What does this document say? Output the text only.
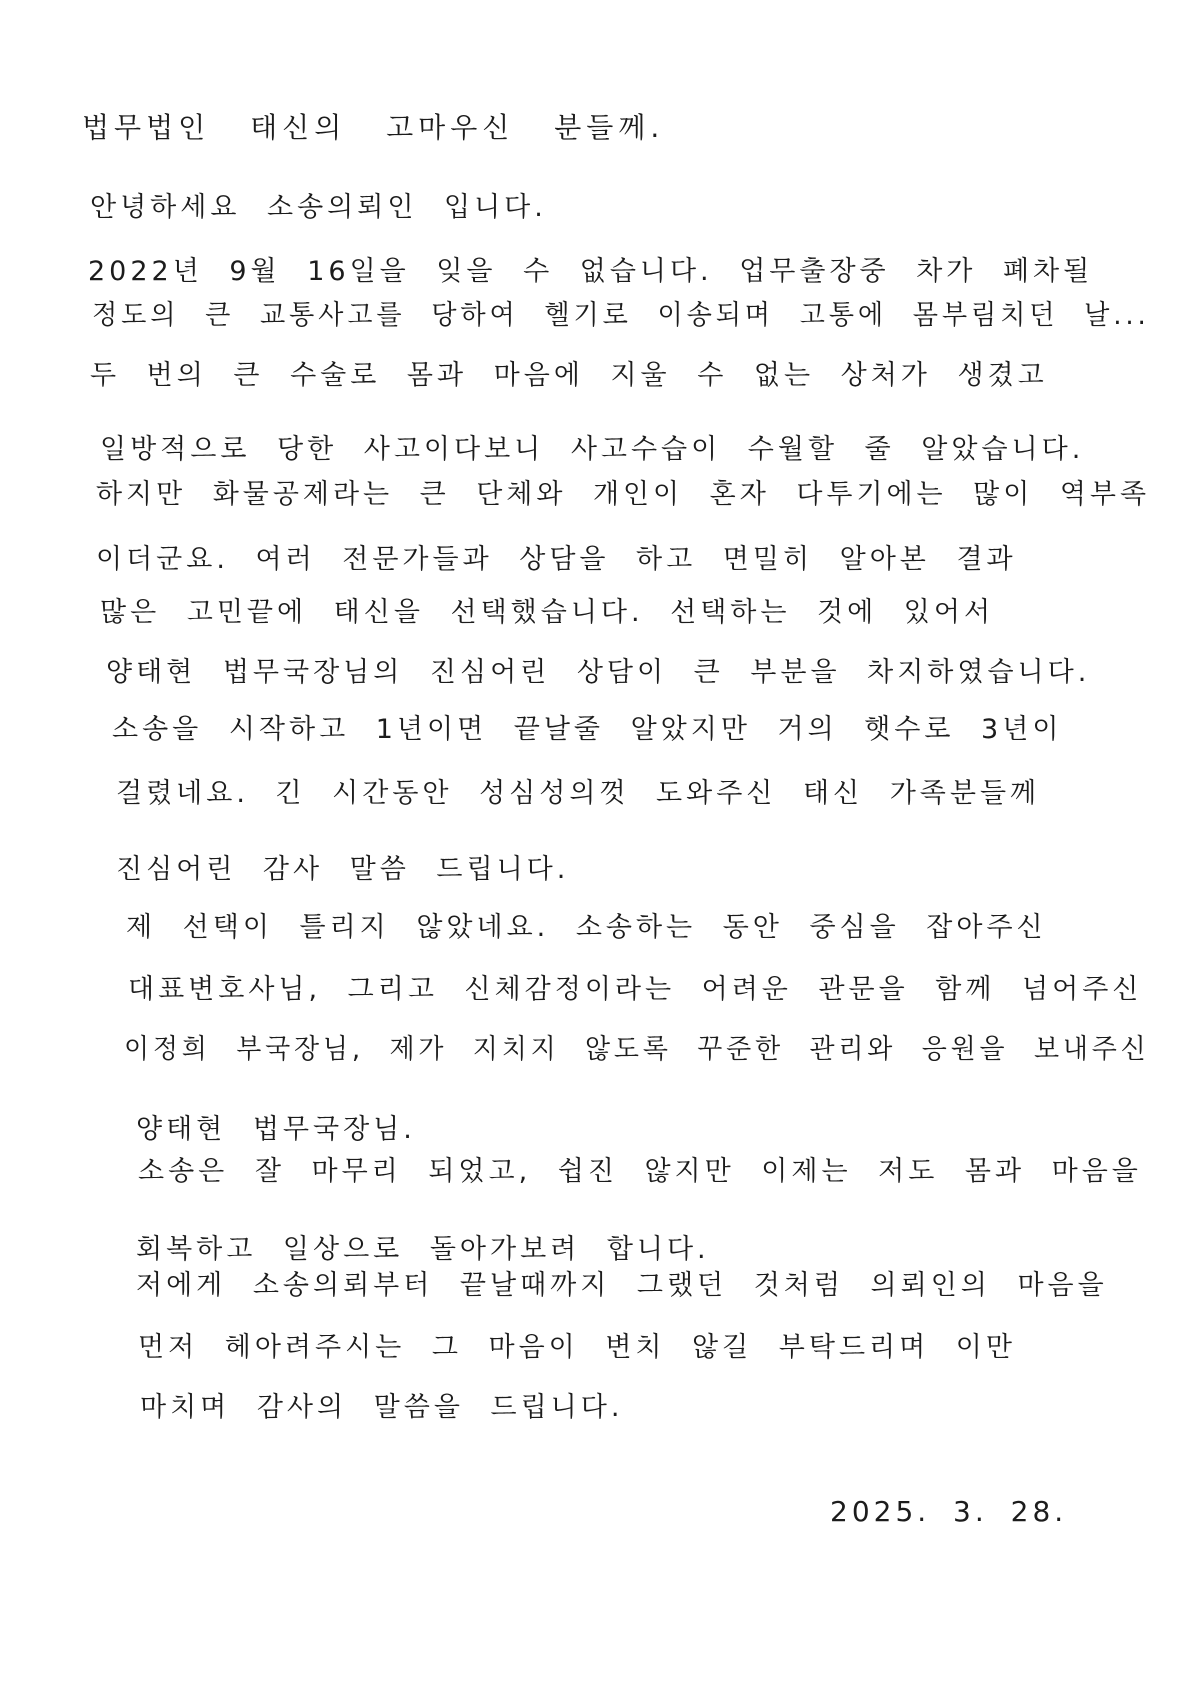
법무법인 태신의 고마우신 분들께.
안녕하세요 소송의뢰인 입니다.
2022년 9월 16일을 잊을 수 없습니다. 업무출장중 차가 폐차될
정도의 큰 교통사고를 당하여 헬기로 이송되며 고통에 몸부림치던 날...
두 번의 큰 수술로 몸과 마음에 지울 수 없는 상처가 생겼고
일방적으로 당한 사고이다보니 사고수습이 수월할 줄 알았습니다.
하지만 화물공제라는 큰 단체와 개인이 혼자 다투기에는 많이 역부족
이더군요. 여러 전문가들과 상담을 하고 면밀히 알아본 결과
많은 고민끝에 태신을 선택했습니다. 선택하는 것에 있어서
양태현 법무국장님의 진심어린 상담이 큰 부분을 차지하였습니다.
소송을 시작하고 1년이면 끝날줄 알았지만 거의 햇수로 3년이
걸렸네요. 긴 시간동안 성심성의껏 도와주신 태신 가족분들께
진심어린 감사 말씀 드립니다.
제 선택이 틀리지 않았네요. 소송하는 동안 중심을 잡아주신
대표변호사님, 그리고 신체감정이라는 어려운 관문을 함께 넘어주신
이정희 부국장님, 제가 지치지 않도록 꾸준한 관리와 응원을 보내주신
양태현 법무국장님.
소송은 잘 마무리 되었고, 쉽진 않지만 이제는 저도 몸과 마음을
회복하고 일상으로 돌아가보려 합니다.
저에게 소송의뢰부터 끝날때까지 그랬던 것처럼 의뢰인의 마음을
먼저 헤아려주시는 그 마음이 변치 않길 부탁드리며 이만
마치며 감사의 말씀을 드립니다.
2025. 3. 28.
